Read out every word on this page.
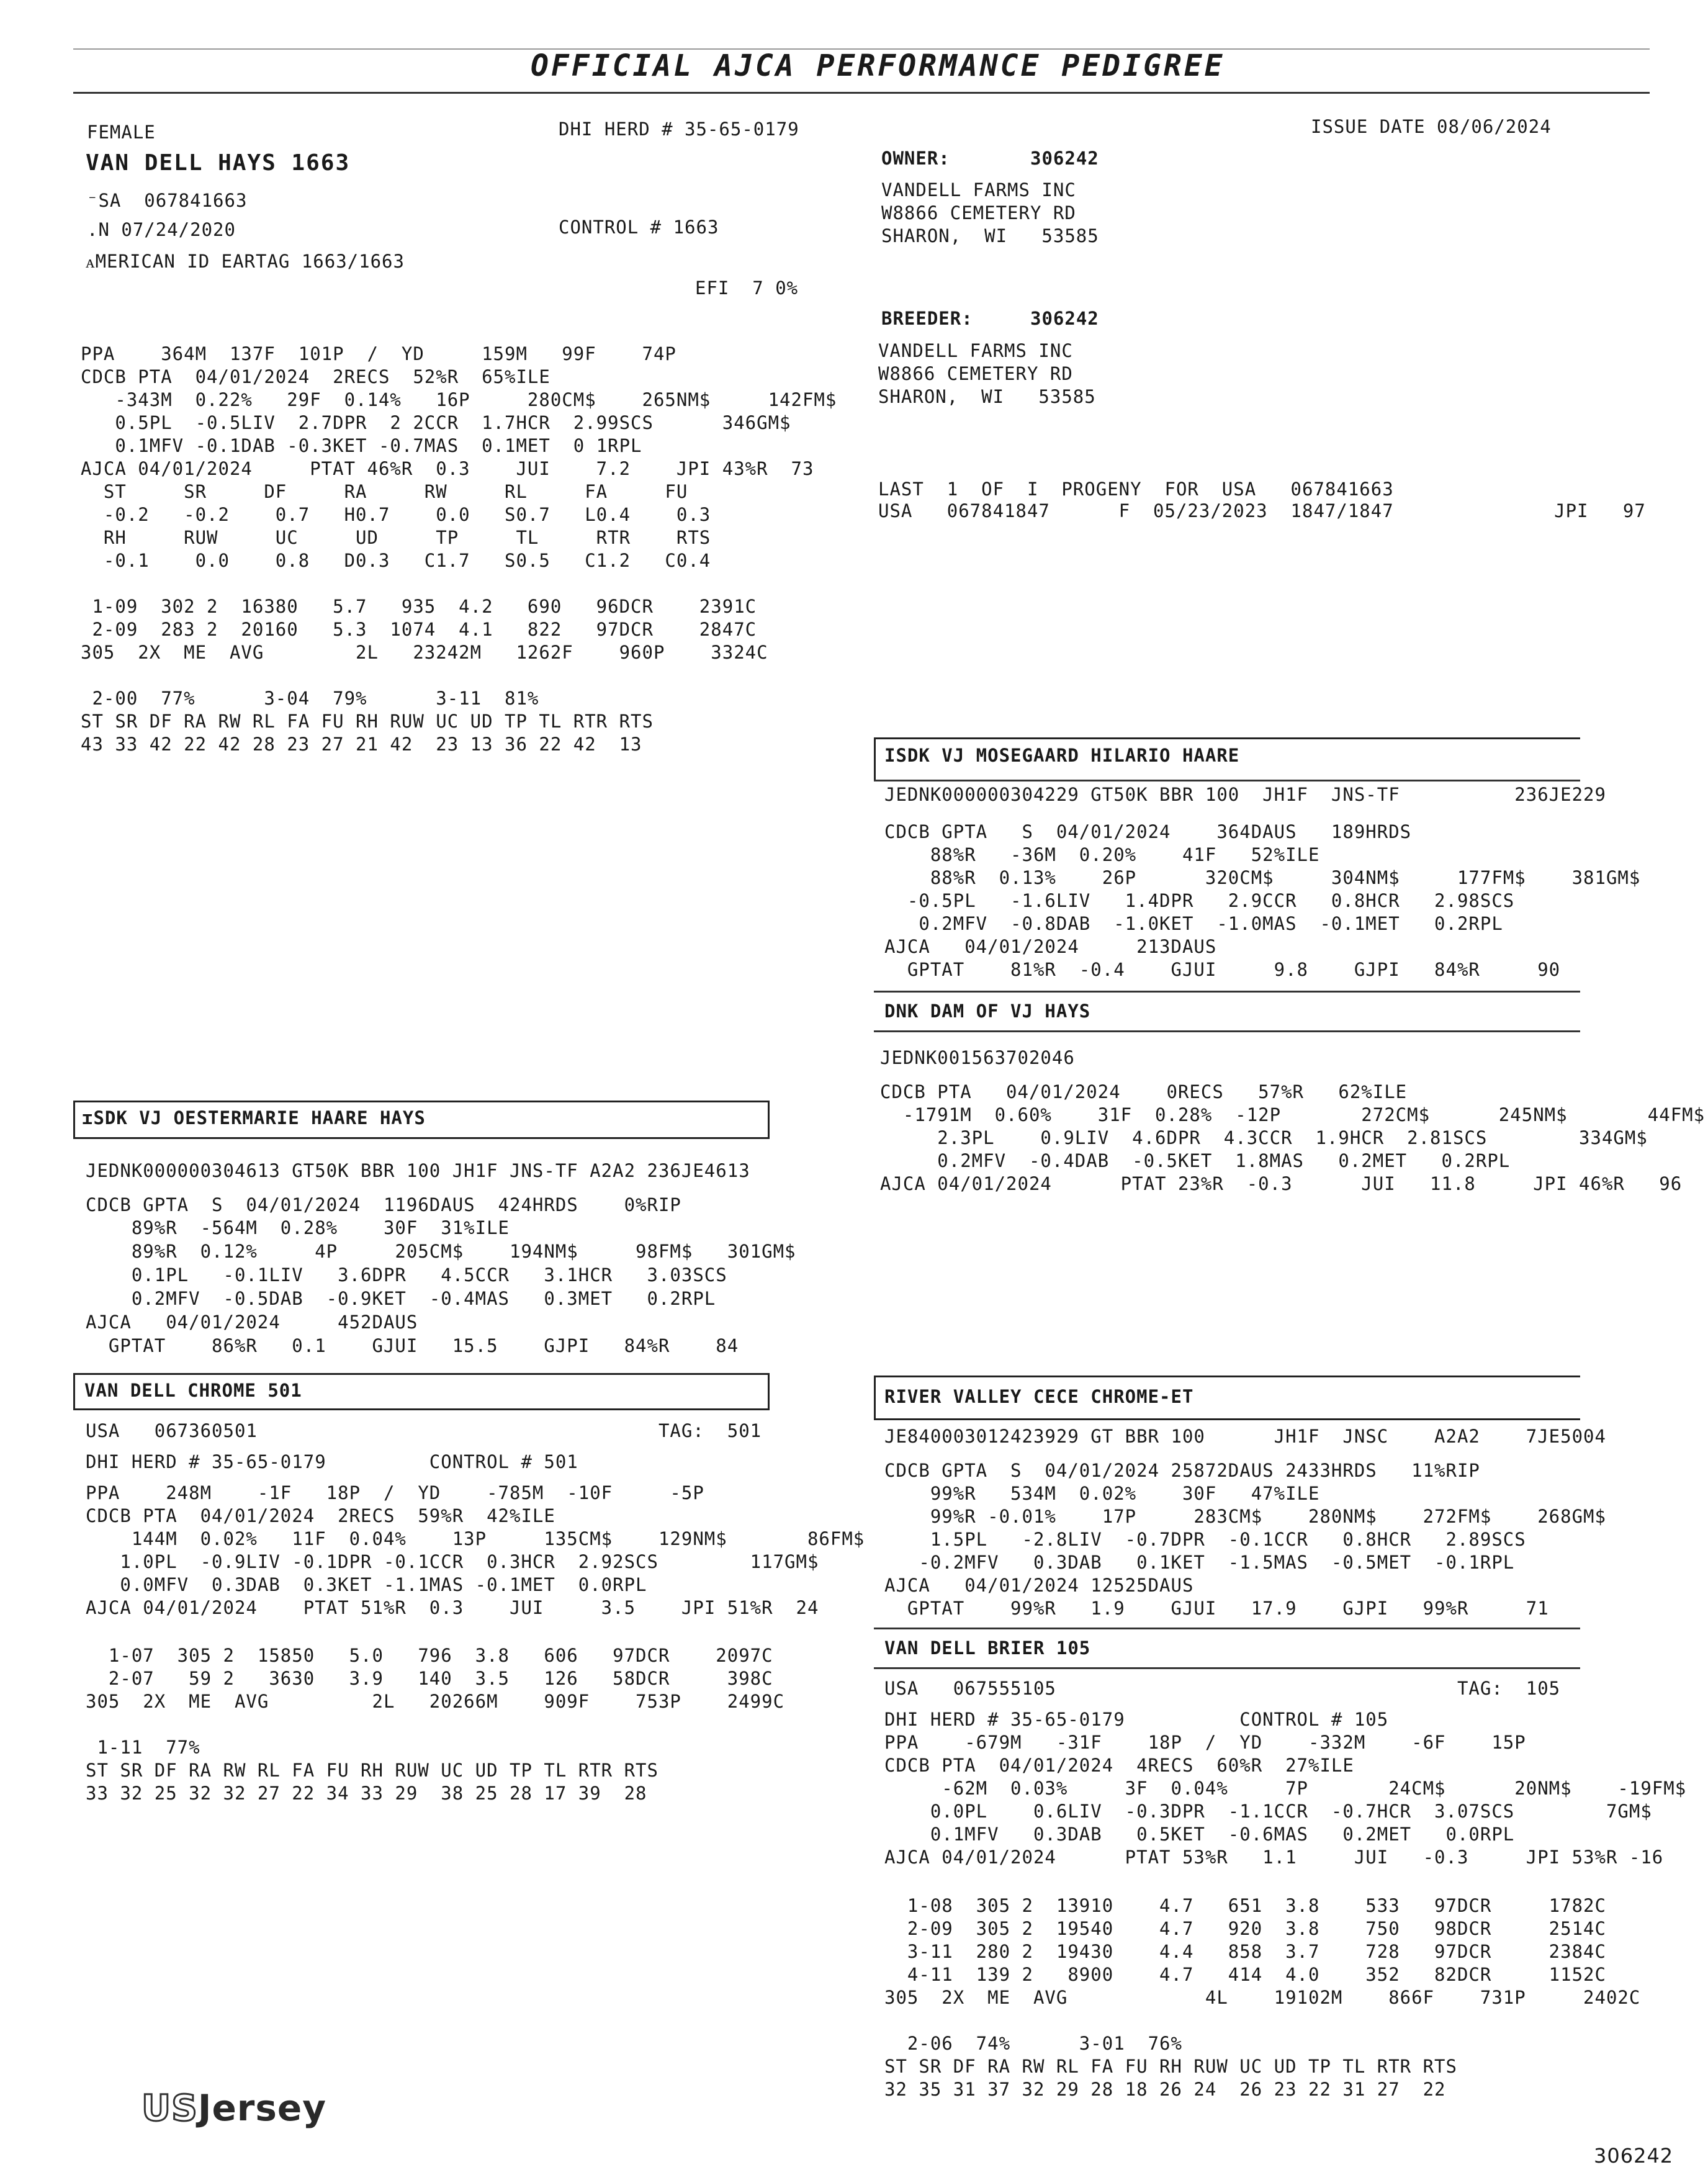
OFFICIAL AJCA PERFORMANCE PEDIGREE
FEMALE	DHI HERD # 35-65-0179	ISSUE DATE 08/06/2024
VAN DELL HAYS 1663
⁻SA  067841663
.N 07/24/2020	CONTROL # 1663
ᴀMERICAN ID EARTAG 1663/1663
EFI  7 0%
PPA    364M  137F  101P  /  YD     159M   99F    74P
CDCB PTA  04/01/2024  2RECS  52%R  65%ILE
-343M  0.22%   29F  0.14%   16P     280CM$    265NM$     142FM$
0.5PL  -0.5LIV  2.7DPR  2 2CCR  1.7HCR  2.99SCS      346GM$
0.1MFV -0.1DAB -0.3KET -0.7MAS  0.1MET  0 1RPL
AJCA 04/01/2024     PTAT 46%R  0.3    JUI    7.2    JPI 43%R  73
ST     SR     DF     RA     RW     RL     FA     FU
-0.2   -0.2    0.7   H0.7    0.0   S0.7   L0.4    0.3
RH     RUW     UC     UD     TP     TL     RTR    RTS
-0.1    0.0    0.8   D0.3   C1.7   S0.5   C1.2   C0.4
1-09  302 2  16380   5.7   935  4.2   690   96DCR    2391C
2-09  283 2  20160   5.3  1074  4.1   822   97DCR    2847C
305  2X  ME  AVG        2L   23242M   1262F    960P    3324C
2-00  77%      3-04  79%      3-11  81%
ST SR DF RA RW RL FA FU RH RUW UC UD TP TL RTR RTS
43 33 42 22 42 28 23 27 21 42  23 13 36 22 42  13
OWNER:	306242
VANDELL FARMS INC
W8866 CEMETERY RD
SHARON,  WI   53585
BREEDER:	306242
VANDELL FARMS INC
W8866 CEMETERY RD
SHARON,  WI   53585
LAST  1  OF  I  PROGENY  FOR  USA   067841663
USA   067841847      F  05/23/2023  1847/1847              JPI   97
ɪSDK VJ OESTERMARIE HAARE HAYS
JEDNK000000304613 GT50K BBR 100 JH1F JNS-TF A2A2 236JE4613
CDCB GPTA  S  04/01/2024  1196DAUS  424HRDS    0%RIP
89%R  -564M  0.28%    30F  31%ILE
89%R  0.12%     4P     205CM$    194NM$     98FM$   301GM$
0.1PL   -0.1LIV   3.6DPR   4.5CCR   3.1HCR   3.03SCS
0.2MFV  -0.5DAB  -0.9KET  -0.4MAS   0.3MET   0.2RPL
AJCA   04/01/2024     452DAUS
GPTAT    86%R   0.1    GJUI   15.5    GJPI   84%R    84
VAN DELL CHROME 501
USA   067360501                                   TAG:  501
DHI HERD # 35-65-0179         CONTROL # 501
PPA    248M    -1F   18P  /  YD    -785M  -10F     -5P
CDCB PTA  04/01/2024  2RECS  59%R  42%ILE
144M  0.02%   11F  0.04%    13P     135CM$    129NM$       86FM$
1.0PL  -0.9LIV -0.1DPR -0.1CCR  0.3HCR  2.92SCS        117GM$
0.0MFV  0.3DAB  0.3KET -1.1MAS -0.1MET  0.0RPL
AJCA 04/01/2024    PTAT 51%R  0.3    JUI     3.5    JPI 51%R  24
1-07  305 2  15850   5.0   796  3.8   606   97DCR    2097C
2-07   59 2   3630   3.9   140  3.5   126   58DCR     398C
305  2X  ME  AVG         2L   20266M    909F    753P    2499C
1-11  77%
ST SR DF RA RW RL FA FU RH RUW UC UD TP TL RTR RTS
33 32 25 32 32 27 22 34 33 29  38 25 28 17 39  28
ISDK VJ MOSEGAARD HILARIO HAARE
JEDNK000000304229 GT50K BBR 100  JH1F  JNS-TF          236JE229
CDCB GPTA   S  04/01/2024    364DAUS   189HRDS
88%R   -36M  0.20%    41F   52%ILE
88%R  0.13%    26P      320CM$     304NM$     177FM$    381GM$
-0.5PL   -1.6LIV   1.4DPR   2.9CCR   0.8HCR   2.98SCS
0.2MFV  -0.8DAB  -1.0KET  -1.0MAS  -0.1MET   0.2RPL
AJCA   04/01/2024     213DAUS
GPTAT    81%R  -0.4    GJUI     9.8    GJPI   84%R     90
DNK DAM OF VJ HAYS
JEDNK001563702046
CDCB PTA   04/01/2024    0RECS   57%R   62%ILE
-1791M  0.60%    31F  0.28%  -12P       272CM$      245NM$       44FM$
2.3PL    0.9LIV  4.6DPR  4.3CCR  1.9HCR  2.81SCS        334GM$
0.2MFV  -0.4DAB  -0.5KET  1.8MAS   0.2MET   0.2RPL
AJCA 04/01/2024      PTAT 23%R  -0.3      JUI   11.8     JPI 46%R   96
RIVER VALLEY CECE CHROME-ET
JE840003012423929 GT BBR 100      JH1F  JNSC    A2A2    7JE5004
CDCB GPTA  S  04/01/2024 25872DAUS 2433HRDS   11%RIP
99%R   534M  0.02%    30F   47%ILE
99%R -0.01%    17P     283CM$    280NM$    272FM$    268GM$
1.5PL   -2.8LIV  -0.7DPR  -0.1CCR   0.8HCR   2.89SCS
-0.2MFV   0.3DAB   0.1KET  -1.5MAS  -0.5MET  -0.1RPL
AJCA   04/01/2024 12525DAUS
GPTAT    99%R   1.9    GJUI   17.9    GJPI   99%R     71
VAN DELL BRIER 105
USA   067555105                                   TAG:  105
DHI HERD # 35-65-0179          CONTROL # 105
PPA    -679M   -31F    18P  /  YD    -332M    -6F    15P
CDCB PTA  04/01/2024  4RECS  60%R  27%ILE
-62M  0.03%     3F  0.04%     7P       24CM$      20NM$    -19FM$
0.0PL    0.6LIV  -0.3DPR  -1.1CCR  -0.7HCR  3.07SCS        7GM$
0.1MFV   0.3DAB   0.5KET  -0.6MAS   0.2MET   0.0RPL
AJCA 04/01/2024      PTAT 53%R   1.1     JUI   -0.3     JPI 53%R -16
1-08  305 2  13910    4.7   651  3.8    533   97DCR     1782C
2-09  305 2  19540    4.7   920  3.8    750   98DCR     2514C
3-11  280 2  19430    4.4   858  3.7    728   97DCR     2384C
4-11  139 2   8900    4.7   414  4.0    352   82DCR     1152C
305  2X  ME  AVG            4L    19102M    866F    731P     2402C
2-06  74%      3-01  76%
ST SR DF RA RW RL FA FU RH RUW UC UD TP TL RTR RTS
32 35 31 37 32 29 28 18 26 24  26 23 22 31 27  22
USJersey
306242
